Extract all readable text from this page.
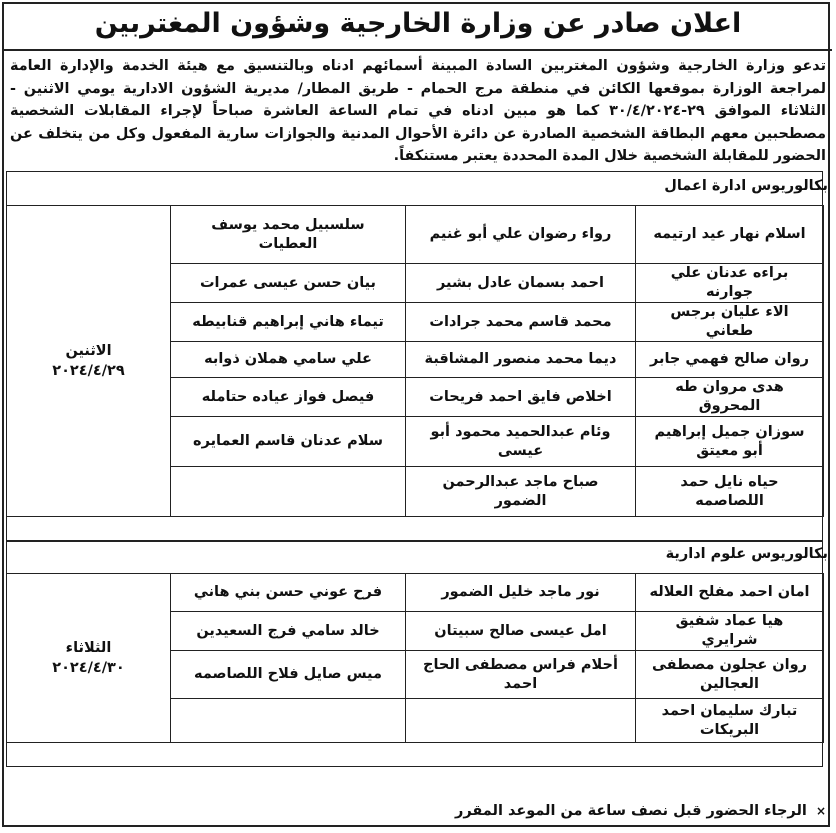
اعلان صادر عن وزارة الخارجية وشؤون المغتربين
تدعو وزارة الخارجية وشؤون المغتربين السادة المبينة أسمائهم ادناه وبالتنسيق مع هيئة الخدمة والإدارة العامة لمراجعة الوزارة بموقعها الكائن في منطقة مرج الحمام - طريق المطار/ مديرية الشؤون الادارية يومي الاثنين - الثلاثاء الموافق ٢٩-٣٠/٤/٢٠٢٤ كما هو مبين ادناه في تمام الساعة العاشرة صباحاً لإجراء المقابلات الشخصية مصطحبين معهم البطاقة الشخصية الصادرة عن دائرة الأحوال المدنية والجوازات سارية المفعول وكل من يتخلف عن الحضور للمقابلة الشخصية خلال المدة المحددة يعتبر مستنكفاً.
بكالوريوس ادارة اعمال
اسلام نهار عيد ارتيمه	رواء رضوان علي أبو غنيم	سلسبيل محمد يوسف العطيات	الاثنين
٢٠٢٤/٤/٢٩

براءه عدنان علي جوارنه	احمد بسمان عادل بشير	بيان حسن عيسى عمرات	
الاء عليان برجس طعاني	محمد قاسم محمد جرادات	تيماء هاني إبراهيم قنابيطه	
روان صالح فهمي جابر	ديما محمد منصور المشاقبة	علي سامي هملان ذوابه	
هدى مروان طه المحروق	اخلاص فايق احمد فريحات	فيصل فواز عياده حتامله	
سوزان جميل إبراهيم أبو معيتق	وئام عبدالحميد محمود أبو عيسى	سلام عدنان قاسم العمايره	
حياه نايل حمد اللصاصمه	صباح ماجد عبدالرحمن الضمور		
بكالوريوس علوم ادارية
امان احمد مفلح العلاله	نور ماجد خليل الضمور	فرح عوني حسن بني هاني	الثلاثاء
٢٠٢٤/٤/٣٠

هيا عماد شفيق شرايري	امل عيسى صالح سبيتان	خالد سامي فرج السعيدين	
روان عجلون مصطفى العجالين	أحلام فراس مصطفى الحاج احمد	ميس صايل فلاح اللصاصمه	
تبارك سليمان احمد البريكات			
× الرجاء الحضور قبل نصف ساعة من الموعد المقرر
